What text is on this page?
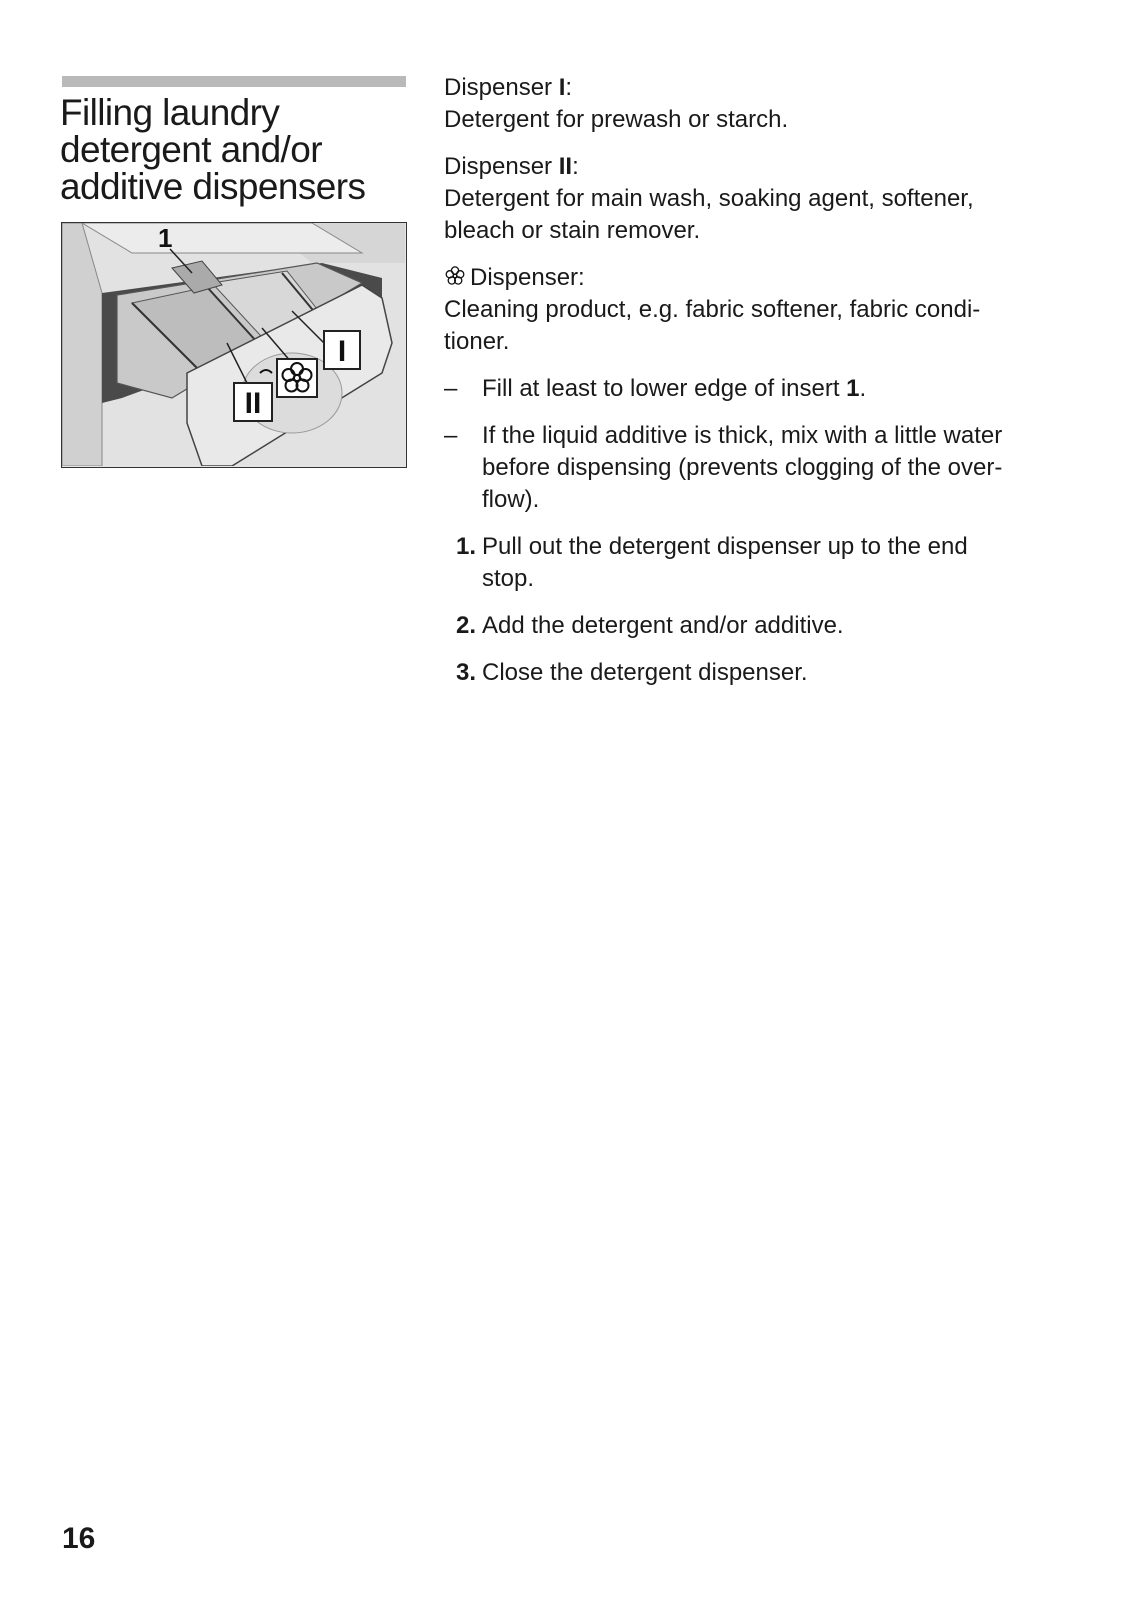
Filling laundry
detergent and/or
additive dispensers
1
I
II

Dispenser I:
Detergent for prewash or starch.

Dispenser II:
Detergent for main wash, soaking agent, softener, bleach or stain remover.

Dispenser:
Cleaning product, e.g. fabric softener, fabric condi-tioner.

–	Fill at least to lower edge of insert 1.
–	If the liquid additive is thick, mix with a little water before dispensing (prevents clogging of the over-flow).
1. Pull out the detergent dispenser up to the end stop.
2. Add the detergent and/or additive.
3. Close the detergent dispenser.
16
